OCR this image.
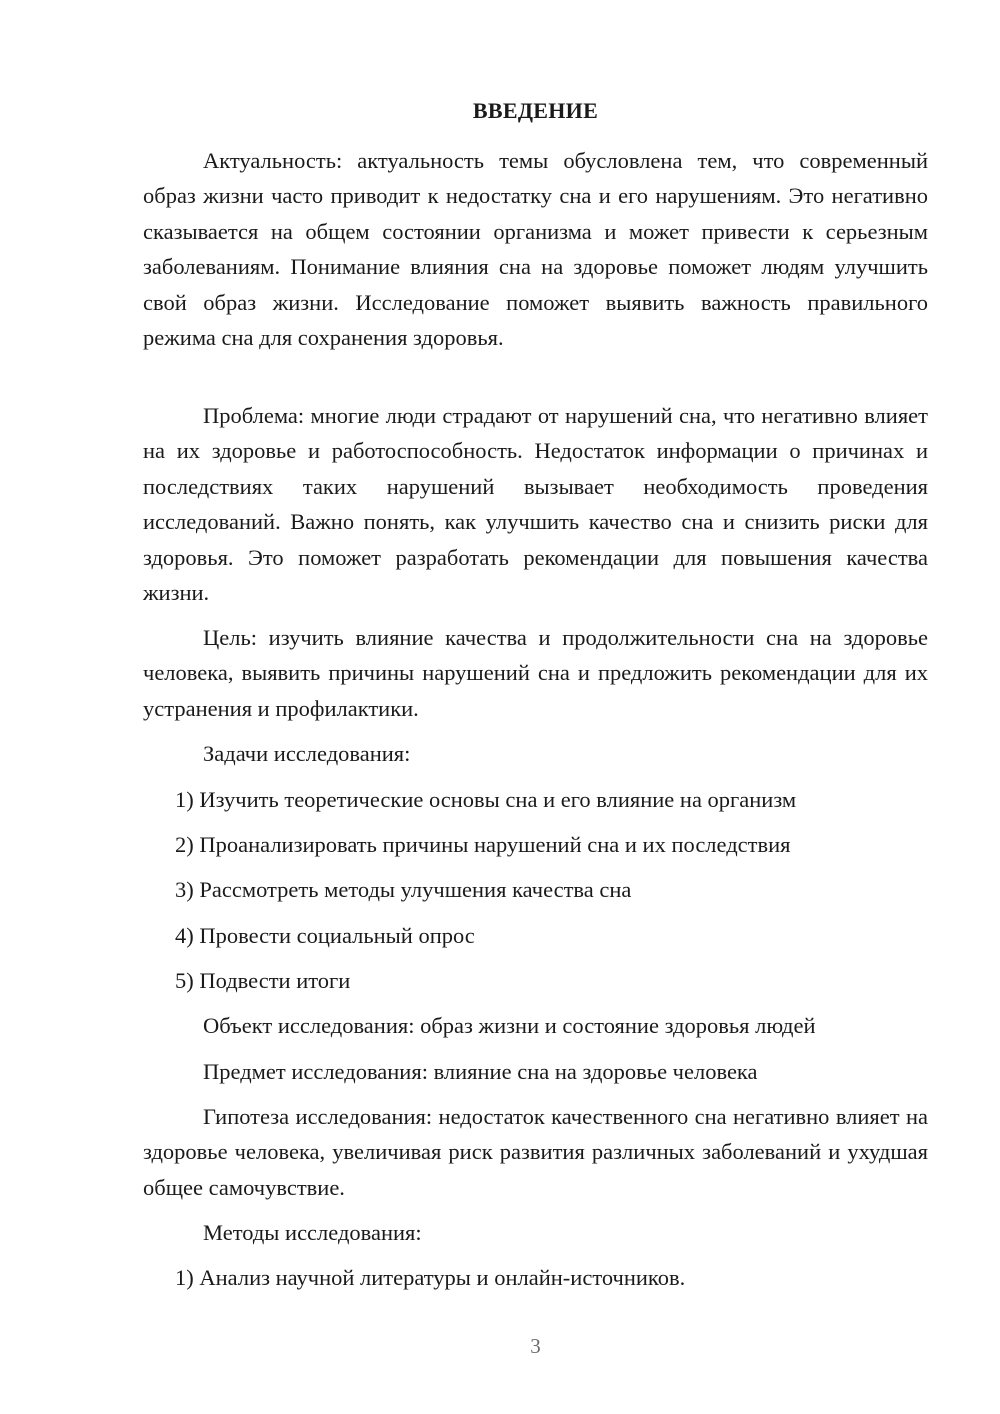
ВВЕДЕНИЕ

Актуальность: актуальность темы обусловлена тем, что современный образ жизни часто приводит к недостатку сна и его нарушениям. Это негативно сказывается на общем состоянии организма и может привести к серьезным заболеваниям. Понимание влияния сна на здоровье поможет людям улучшить свой образ жизни. Исследование поможет выявить важность правильного режима сна для сохранения здоровья.

Проблема: многие люди страдают от нарушений сна, что негативно влияет на их здоровье и работоспособность. Недостаток информации о причинах и последствиях таких нарушений вызывает необходимость проведения исследований. Важно понять, как улучшить качество сна и снизить риски для здоровья. Это поможет разработать рекомендации для повышения качества жизни.

Цель: изучить влияние качества и продолжительности сна на здоровье человека, выявить причины нарушений сна и предложить рекомендации для их устранения и профилактики.

Задачи исследования:

1) Изучить теоретические основы сна и его влияние на организм

2) Проанализировать причины нарушений сна и их последствия

3) Рассмотреть методы улучшения качества сна

4) Провести социальный опрос

5) Подвести итоги

Объект исследования: образ жизни и состояние здоровья людей

Предмет исследования: влияние сна на здоровье человека

Гипотеза исследования: недостаток качественного сна негативно влияет на здоровье человека, увеличивая риск развития различных заболеваний и ухудшая общее самочувствие.

Методы исследования:

1) Анализ научной литературы и онлайн-источников.

3
